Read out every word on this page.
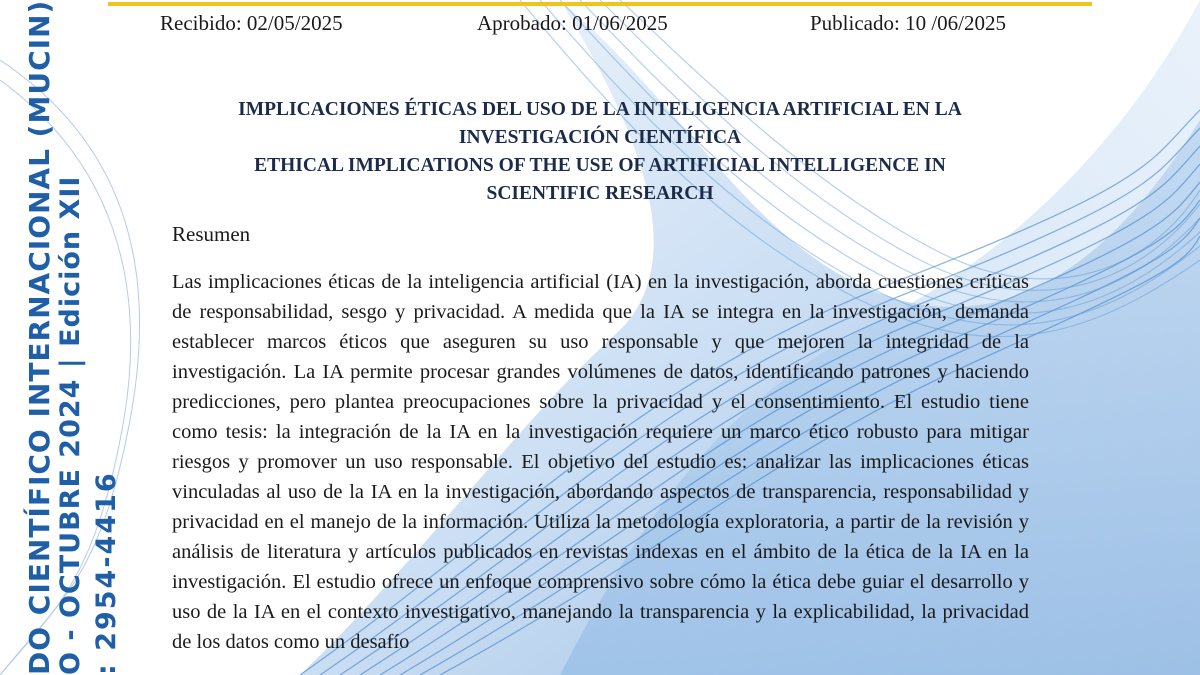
Recibido: 02/05/2025	Aprobado: 01/06/2025	Publicado: 10 /06/2025
DO CIENTÍFICO INTERNACIONAL (MUCIN) O - OCTUBRE 2024 | Edición XII : 2954-4416
IMPLICACIONES ÉTICAS DEL USO DE LA INTELIGENCIA ARTIFICIAL EN LA
INVESTIGACIÓN CIENTÍFICA
ETHICAL IMPLICATIONS OF THE USE OF ARTIFICIAL INTELLIGENCE IN
SCIENTIFIC RESEARCH
Resumen
Las implicaciones éticas de la inteligencia artificial (IA) en la investigación, aborda cuestiones críticas de responsabilidad, sesgo y privacidad. A medida que la IA se integra en la investigación, demanda establecer marcos éticos que aseguren su uso responsable y que mejoren la integridad de la investigación. La IA permite procesar grandes volúmenes de datos, identificando patrones y haciendo predicciones, pero plantea preocupaciones sobre la privacidad y el consentimiento. El estudio tiene como tesis: la integración de la IA en la investigación requiere un marco ético robusto para mitigar riesgos y promover un uso responsable. El objetivo del estudio es: analizar las implicaciones éticas vinculadas al uso de la IA en la investigación, abordando aspectos de transparencia, responsabilidad y privacidad en el manejo de la información. Utiliza la metodología exploratoria, a partir de la revisión y análisis de literatura y artículos publicados en revistas indexas en el ámbito de la ética de la IA en la investigación. El estudio ofrece un enfoque comprensivo sobre cómo la ética debe guiar el desarrollo y uso de la IA en el contexto investigativo, manejando la transparencia y la explicabilidad, la privacidad de los datos como un desafío
